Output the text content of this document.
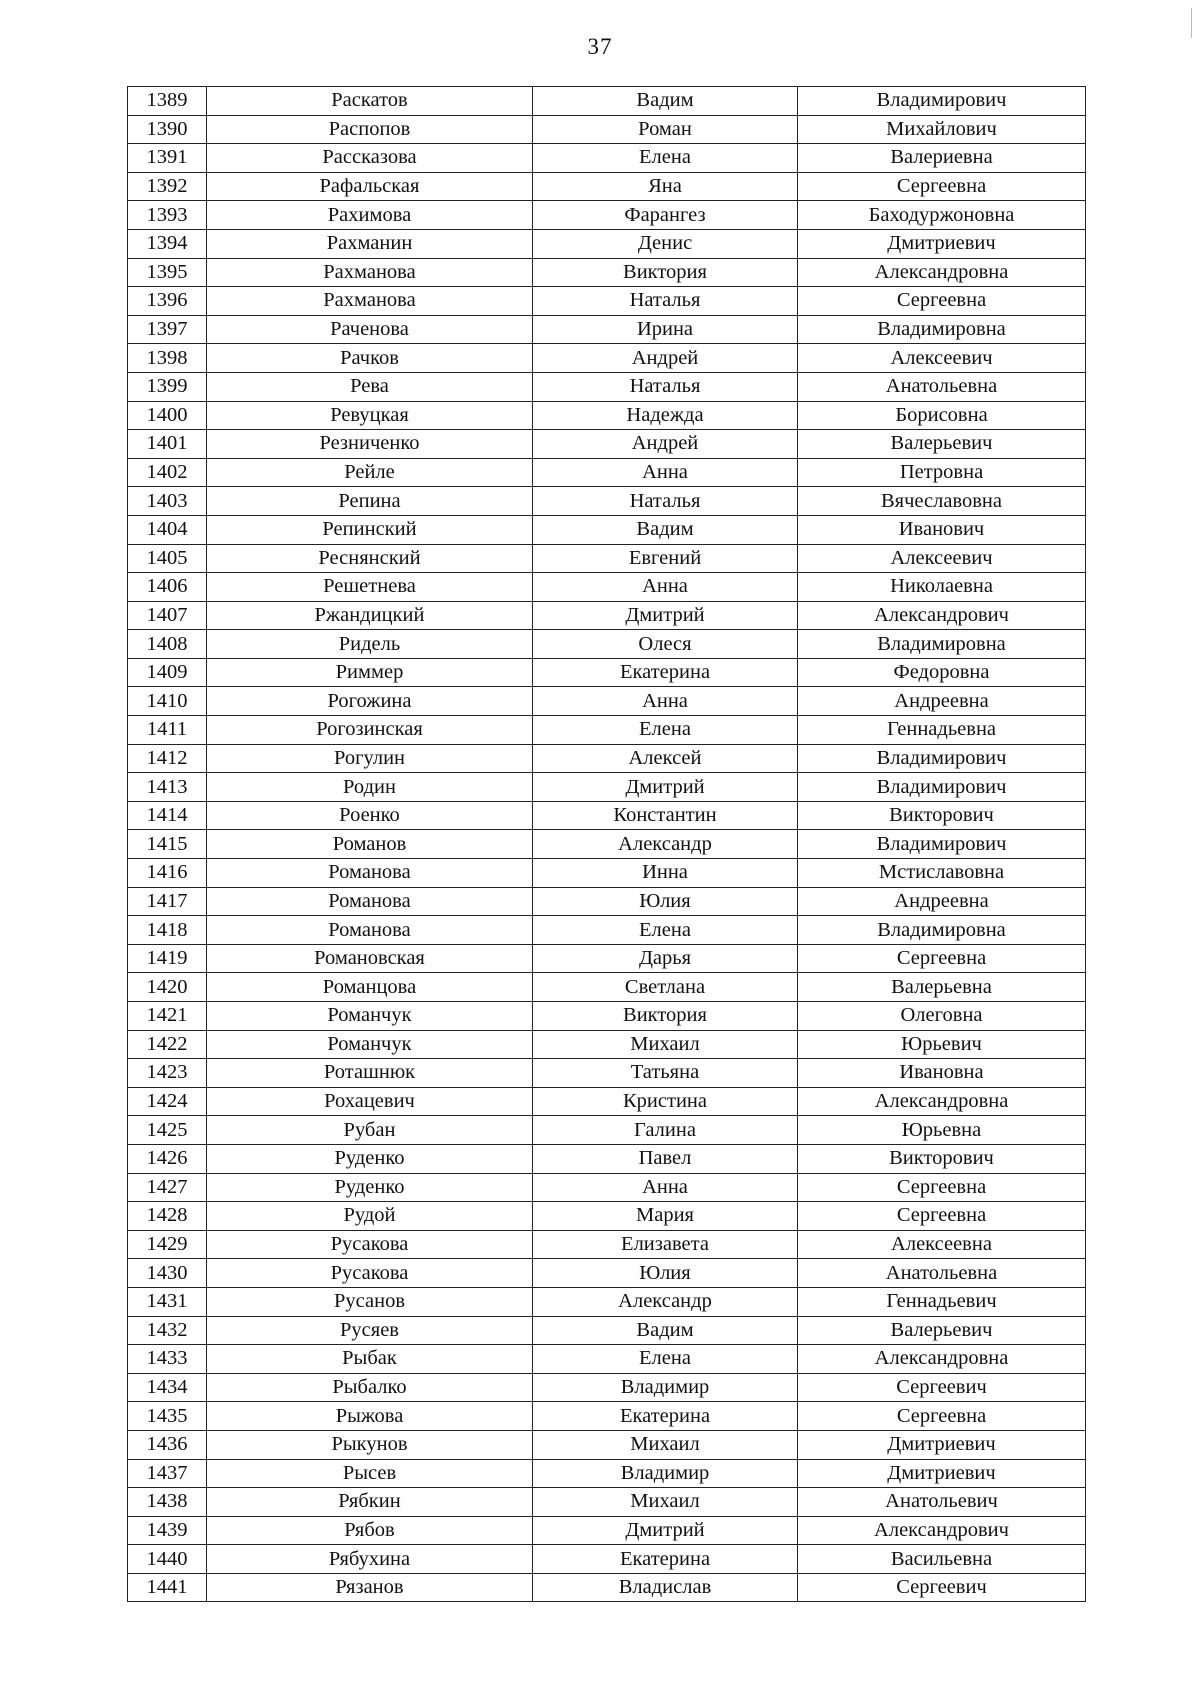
37
1389	Раскатов	Вадим	Владимирович
1390	Распопов	Роман	Михайлович
1391	Рассказова	Елена	Валериевна
1392	Рафальская	Яна	Сергеевна
1393	Рахимова	Фарангез	Баходуржоновна
1394	Рахманин	Денис	Дмитриевич
1395	Рахманова	Виктория	Александровна
1396	Рахманова	Наталья	Сергеевна
1397	Раченова	Ирина	Владимировна
1398	Рачков	Андрей	Алексеевич
1399	Рева	Наталья	Анатольевна
1400	Ревуцкая	Надежда	Борисовна
1401	Резниченко	Андрей	Валерьевич
1402	Рейле	Анна	Петровна
1403	Репина	Наталья	Вячеславовна
1404	Репинский	Вадим	Иванович
1405	Реснянский	Евгений	Алексеевич
1406	Решетнева	Анна	Николаевна
1407	Ржандицкий	Дмитрий	Александрович
1408	Ридель	Олеся	Владимировна
1409	Риммер	Екатерина	Федоровна
1410	Рогожина	Анна	Андреевна
1411	Рогозинская	Елена	Геннадьевна
1412	Рогулин	Алексей	Владимирович
1413	Родин	Дмитрий	Владимирович
1414	Роенко	Константин	Викторович
1415	Романов	Александр	Владимирович
1416	Романова	Инна	Мстиславовна
1417	Романова	Юлия	Андреевна
1418	Романова	Елена	Владимировна
1419	Романовская	Дарья	Сергеевна
1420	Романцова	Светлана	Валерьевна
1421	Романчук	Виктория	Олеговна
1422	Романчук	Михаил	Юрьевич
1423	Роташнюк	Татьяна	Ивановна
1424	Рохацевич	Кристина	Александровна
1425	Рубан	Галина	Юрьевна
1426	Руденко	Павел	Викторович
1427	Руденко	Анна	Сергеевна
1428	Рудой	Мария	Сергеевна
1429	Русакова	Елизавета	Алексеевна
1430	Русакова	Юлия	Анатольевна
1431	Русанов	Александр	Геннадьевич
1432	Русяев	Вадим	Валерьевич
1433	Рыбак	Елена	Александровна
1434	Рыбалко	Владимир	Сергеевич
1435	Рыжова	Екатерина	Сергеевна
1436	Рыкунов	Михаил	Дмитриевич
1437	Рысев	Владимир	Дмитриевич
1438	Рябкин	Михаил	Анатольевич
1439	Рябов	Дмитрий	Александрович
1440	Рябухина	Екатерина	Васильевна
1441	Рязанов	Владислав	Сергеевич
